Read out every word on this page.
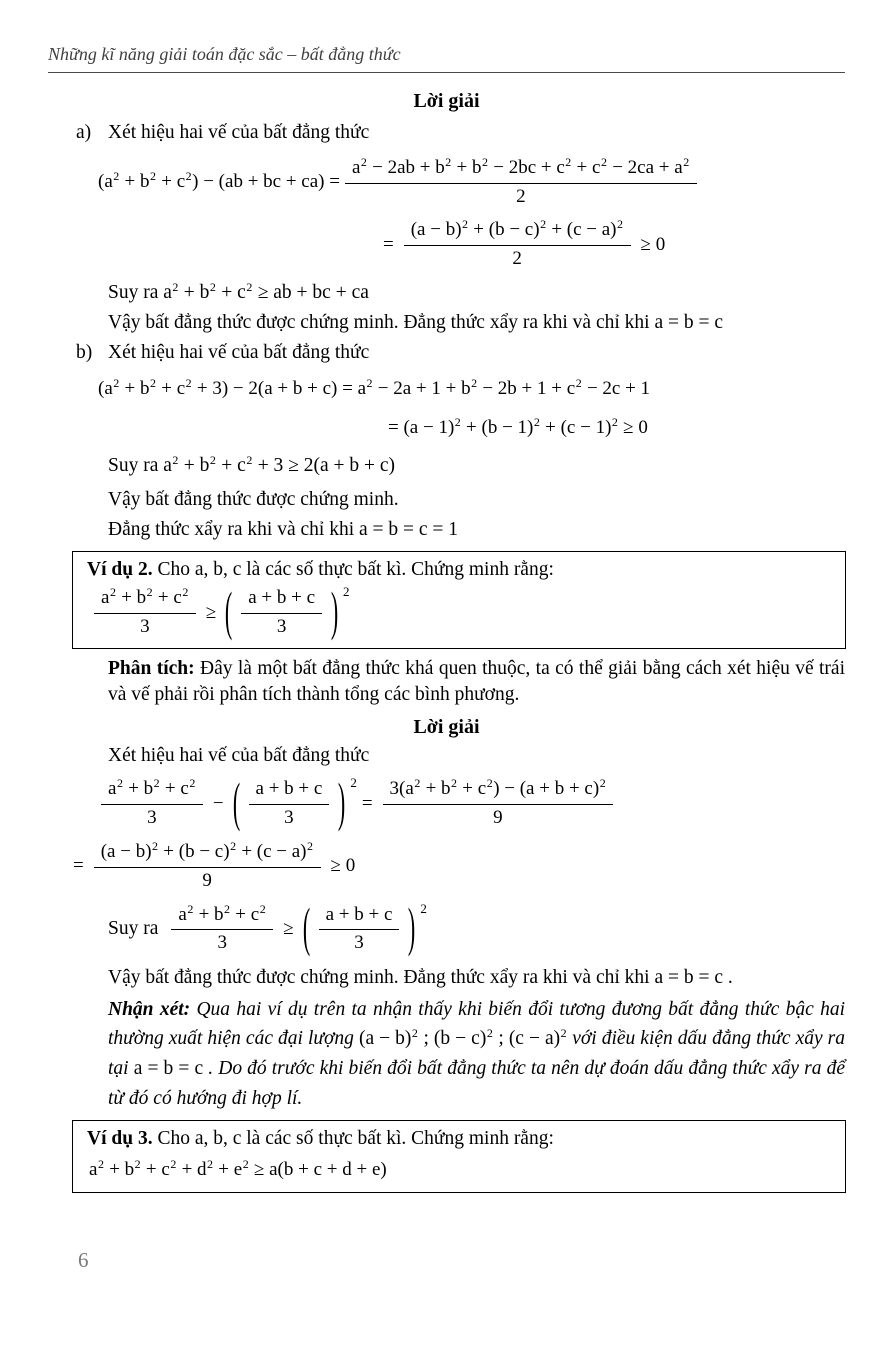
Những kĩ năng giải toán đặc sắc – bất đẳng thức

Lời giải

a) Xét hiệu hai vế của bất đẳng thức
$(a^2 + b^2 + c^2) - (ab$ + bc + $ca) = \frac{a^2 - 2ab + b^2 + b^2 - 2bc + c^2 + c^2 - 2ca + a^2}{2}$
= $\frac{(a - b)^2 + (b - c)^2 + (c - a)^2}{2} \ge 0$

Suy ra $a^2 + b^2 + c^2$ ≥ ab + bc + ca

Vậy bất đẳng thức được chứng minh. Đẳng thức xẩy ra khi và chỉ khi a = b = c

b) Xét hiệu hai vế của bất đẳng thức

$(a^2 + b^2 + c^2 + 3) - 2(a + b + c) = a^2 - 2a + 1 + b^2 - 2b + 1 + c^2 - 2c + 1$

= $(a - 1)^2 + (b - 1)^2 + (c - 1)^2 \ge 0$

Suy ra $a^2 + b^2 + c^2 + 3 \ge 2(a + b + c)$

Vậy bất đẳng thức được chứng minh.

Đẳng thức xẩy ra khi và chỉ khi a = b = c = 1

Ví dụ 2. Cho a, b, c là các số thực bất kì. Chứng minh rằng:

$\frac{a^2 + b^2 + c^2}{3}$ ≥ ( $\frac{a + b + c}{3}$ ) 2

Phân tích: Đây là một bất đẳng thức khá quen thuộc, ta có thể giải bằng cách xét hiệu vế trái và vế phải rồi phân tích thành tổng các bình phương.

Lời giải

Xét hiệu hai vế của bất đẳng thức

$\frac{a^2 + b^2 + c^2}{3}$ − ( $\frac{a + b + c}{3}$ ) 2
= $\frac{3(a^2 + b^2 + c^2) - (a + b + c)^2}{9}$
= $\frac{(a - b)^2 + (b - c)^2 + (c - a)^2}{9} \ge 0$
Suy ra $\frac{a^2 + b^2 + c^2}{3}$ ≥ ( $\frac{a + b + c}{3}$ ) 2

Vậy bất đẳng thức được chứng minh. Đẳng thức xẩy ra khi và chỉ khi a = b = c .

Nhận xét: Qua hai ví dụ trên ta nhận thấy khi biến đổi tương đương bất đẳng thức bậc hai thường xuất hiện các đại lượng $(a - b)^2$ ; $(b - c)^2$ ; $(c - a)^2$ với điều kiện dấu đẳng thức xẩy ra tại a = b = c . Do đó trước khi biến đổi bất đẳng thức ta nên dự đoán dấu đẳng thức xẩy ra để từ đó có hướng đi hợp lí.

Ví dụ 3. Cho a, b, c là các số thực bất kì. Chứng minh rằng:

$a^2 + b^2 + c^2 + d^2 + e^2 \ge a(b + c + d + e)$

6
